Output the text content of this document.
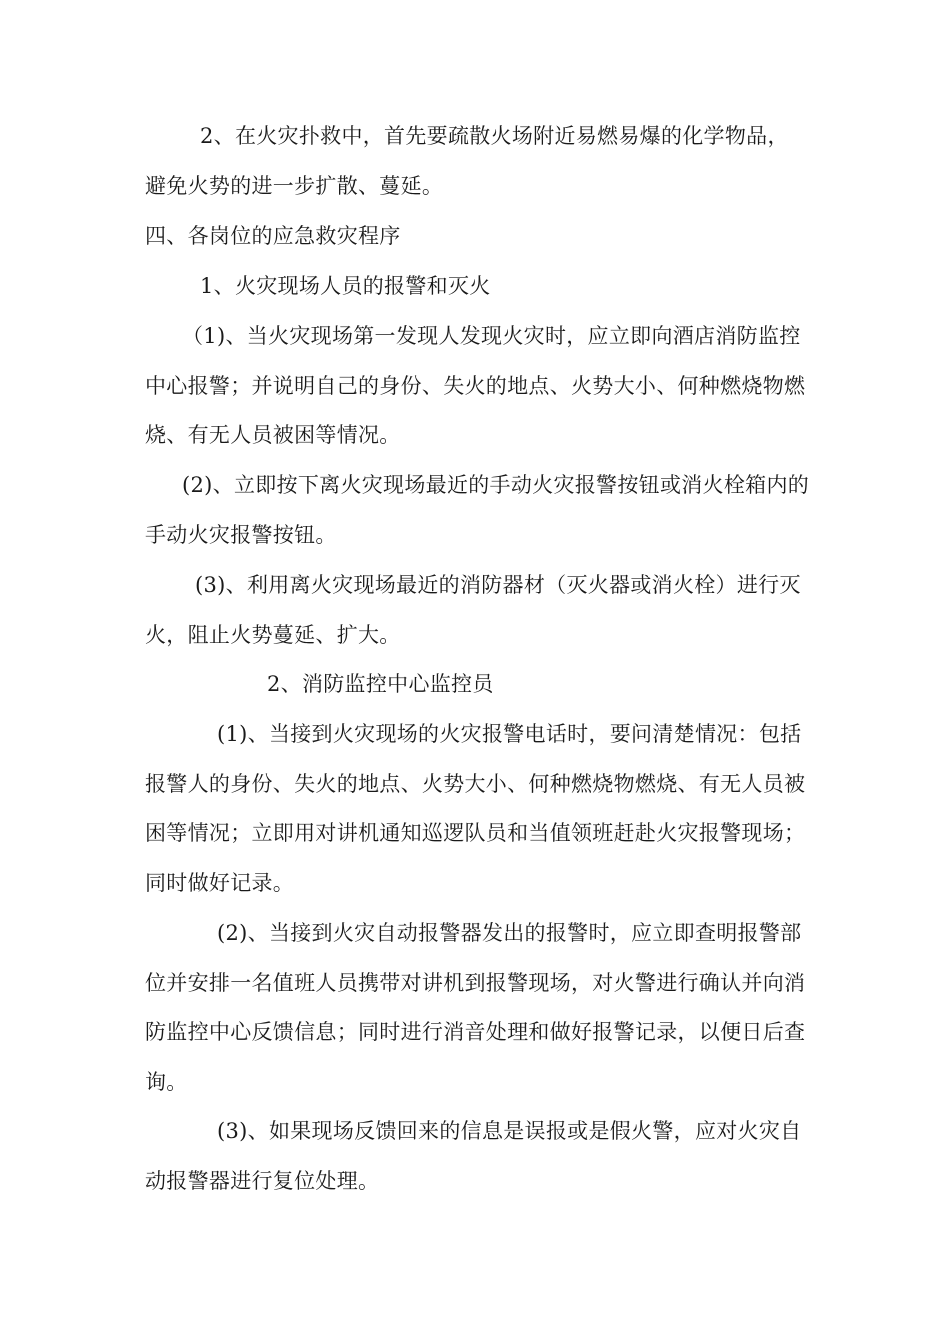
2、在火灾扑救中，首先要疏散火场附近易燃易爆的化学物品，避免火势的进一步扩散、蔓延。

四、各岗位的应急救灾程序

1、火灾现场人员的报警和灭火

（1)、当火灾现场第一发现人发现火灾时，应立即向酒店消防监控中心报警；并说明自己的身份、失火的地点、火势大小、何种燃烧物燃烧、有无人员被困等情况。

(2)、立即按下离火灾现场最近的手动火灾报警按钮或消火栓箱内的手动火灾报警按钮。

(3)、利用离火灾现场最近的消防器材（灭火器或消火栓）进行灭火，阻止火势蔓延、扩大。

2、消防监控中心监控员

(1)、当接到火灾现场的火灾报警电话时，要问清楚情况：包括报警人的身份、失火的地点、火势大小、何种燃烧物燃烧、有无人员被困等情况；立即用对讲机通知巡逻队员和当值领班赶赴火灾报警现场；同时做好记录。

(2)、当接到火灾自动报警器发出的报警时，应立即查明报警部位并安排一名值班人员携带对讲机到报警现场，对火警进行确认并向消防监控中心反馈信息；同时进行消音处理和做好报警记录，以便日后查询。

(3)、如果现场反馈回来的信息是误报或是假火警，应对火灾自动报警器进行复位处理。
